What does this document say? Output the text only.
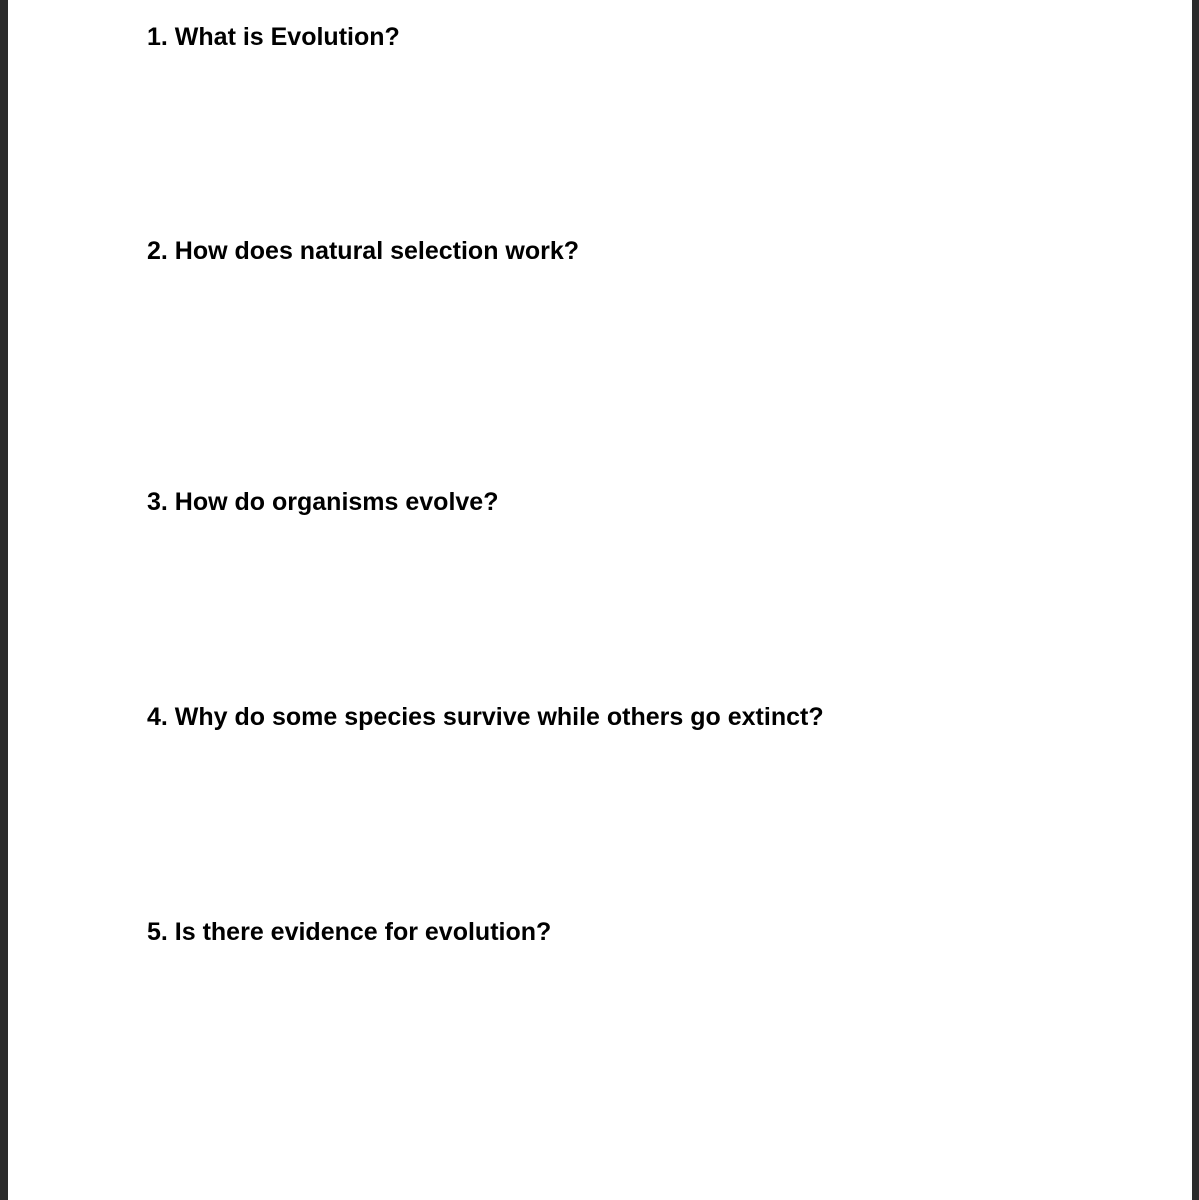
1. What is Evolution?

2. How does natural selection work?

3. How do organisms evolve?

4. Why do some species survive while others go extinct?

5. Is there evidence for evolution?
